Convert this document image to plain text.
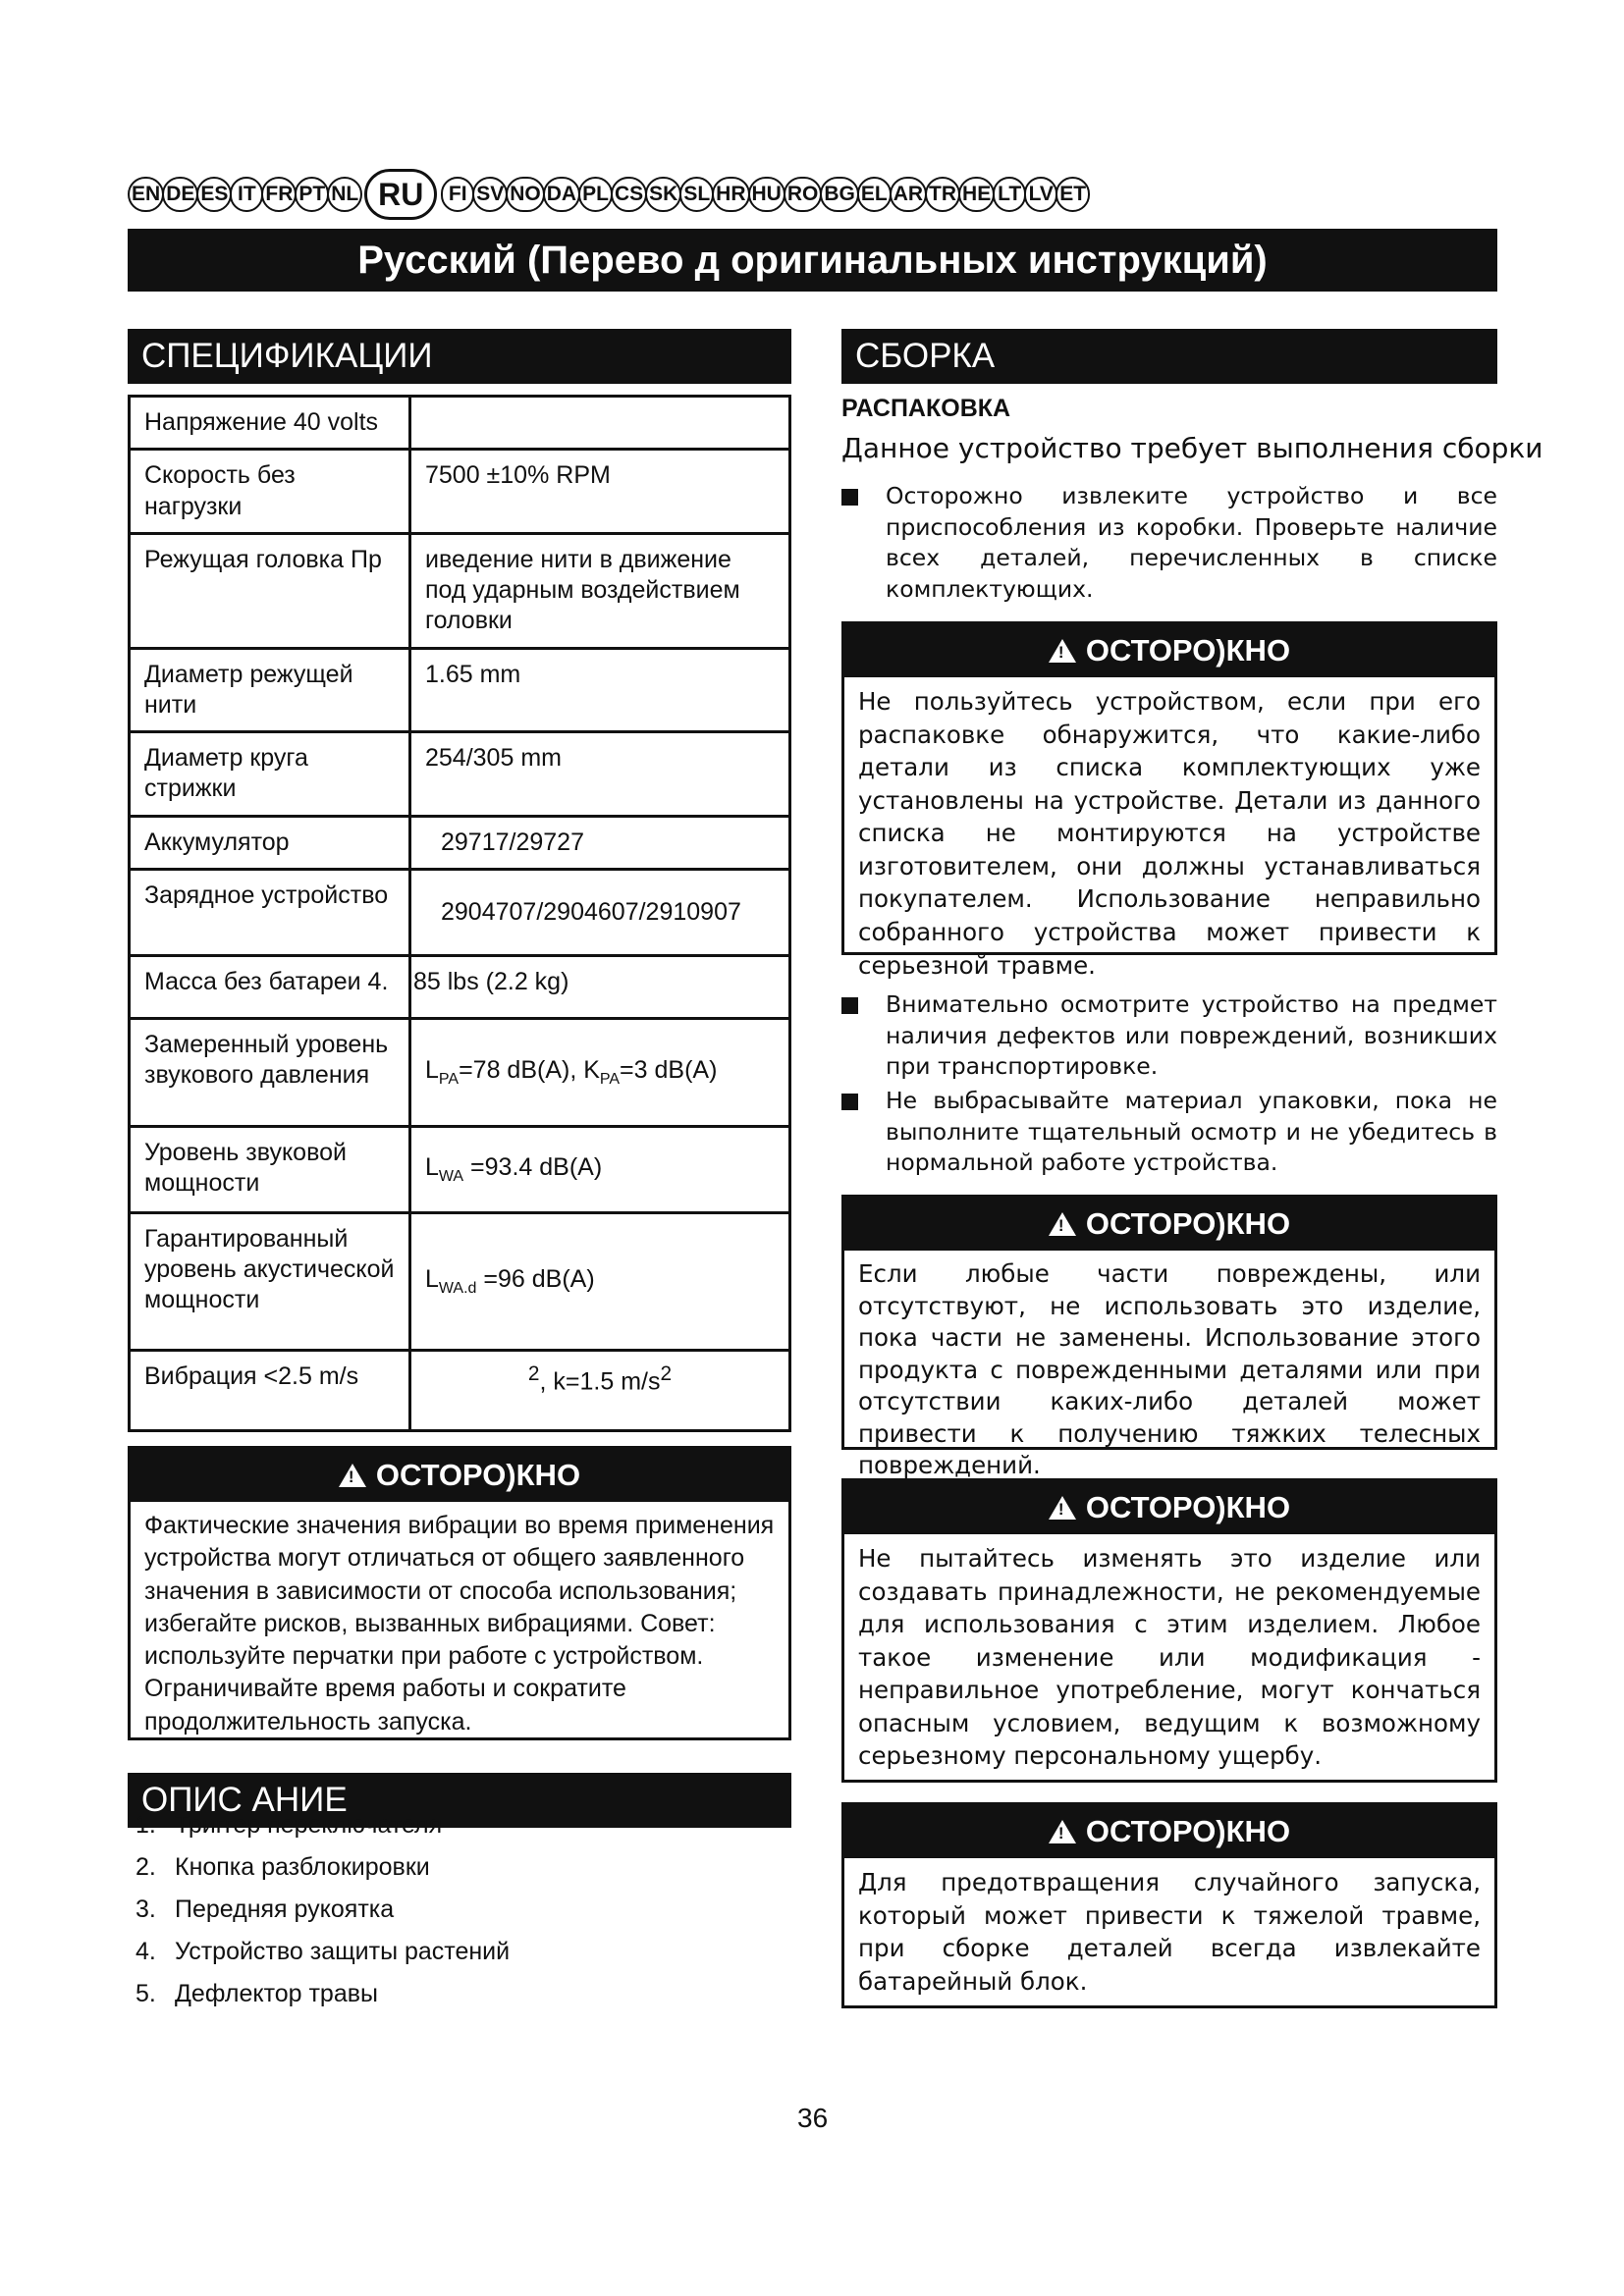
EN DE ES IT FR PT NL RU	FI SV NO DA PL CS SK SL HR HU RO BG EL AR TR HE LT LV ET
Русский (Перево д оригинальных инструкций)
СПЕЦИФИКАЦИИ
Напряжение 40 volts	
Скорость без нагрузки	7500 ±10% RPM
Режущая головка Пр	иведение нити в движение под ударным воздействием головки
Диаметр режущей нити	1.65 mm
Диаметр круга стрижки	254/305 mm
Аккумулятор	29717/29727
Зарядное устройство	2904707/2904607/2910907
Масса без батареи 4.	85 lbs (2.2 kg)
Замеренный уровень звукового давления	$L_{PA}=78$ dB(A), $K_{PA}=3$ dB(A)
Уровень звуковой мощности	$L_{WA} =93.4$ dB(A)
Гарантированный уровень акустической мощности	$L_{WA.d} =96$ dB(A)
Вибрация <2.5 m/s	$^2$, k=1.5 $m/s^2$
!
ОСТОРО)КНО
Фактические значения вибрации во время применения устройства могут отличаться от общего заявленного значения в зависимости от способа использования; избегайте рисков, вызванных вибрациями. Совет: используйте перчатки при работе с устройством. Ограничивайте время работы и сократите продолжительность запуска.
ОПИС АНИЕ
1. Триггер переключателя
2. Кнопка разблокировки
3. Передняя рукоятка
4. Устройство защиты растений
5. Дефлектор травы
СБОРКА
РАСПАКОВКА
Данное устройство требует выполнения сборки
Осторожно извлеките устройство и все приспособления из коробки. Проверьте наличие всех деталей, перечисленных в списке комплектующих.
!
ОСТОРО)КНО
Не пользуйтесь устройством, если при его распаковке обнаружится, что какие-либо детали из списка комплектующих уже установлены на устройстве. Детали из данного списка не монтируются на устройстве изготовителем, они должны устанавливаться покупателем. Использование неправильно собранного устройства может привести к серьезной травме.
Внимательно осмотрите устройство на предмет наличия дефектов или повреждений, возникших при транспортировке.
Не выбрасывайте материал упаковки, пока не выполните тщательный осмотр и не убедитесь в нормальной работе устройства.
!
ОСТОРО)КНО
Если любые части повреждены, или отсутствуют, не использовать это изделие, пока части не заменены. Использование этого продукта с поврежденными деталями или при отсутствии каких-либо деталей может привести к получению тяжких телесных повреждений.
!
ОСТОРО)КНО
Не пытайтесь изменять это изделие или создавать принадлежности, не рекомендуемые для использования с этим изделием. Любое такое изменение или модификация - неправильное употребление, могут кончаться опасным условием, ведущим к возможному серьезному персональному ущербу.
!
ОСТОРО)КНО
Для предотвращения случайного запуска, который может привести к тяжелой травме, при сборке деталей всегда извлекайте батарейный блок.
36
